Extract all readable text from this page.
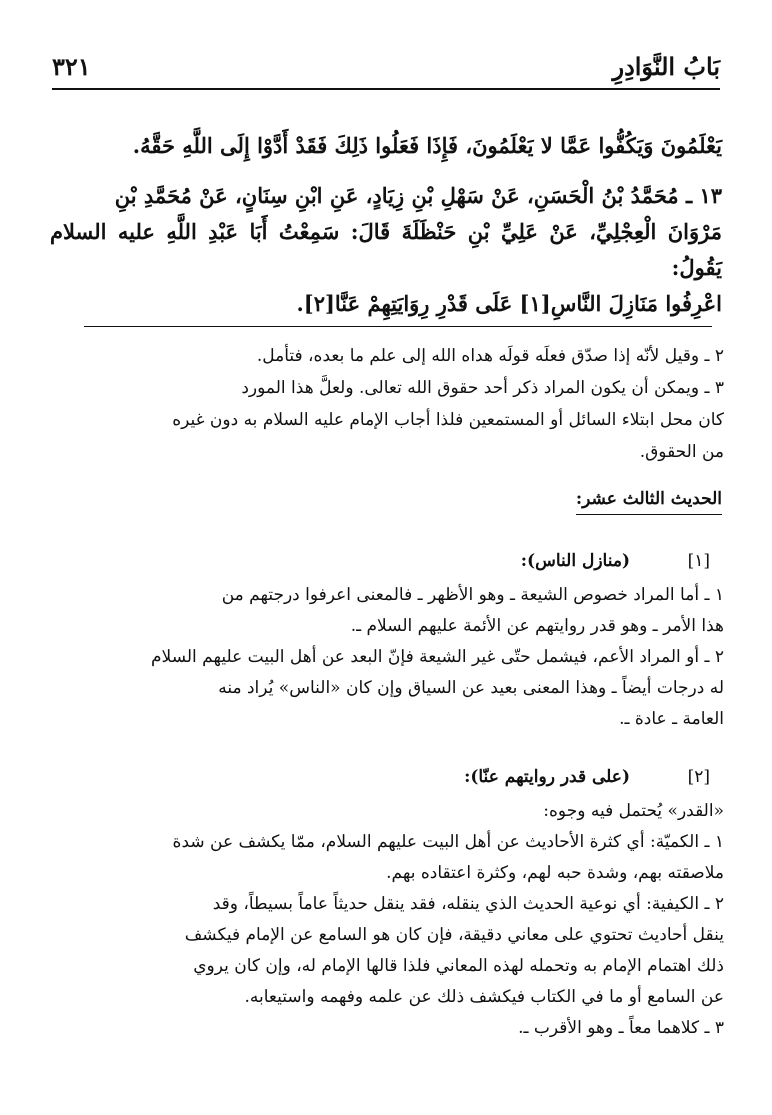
بَابُ النَّوَادِرِ
٣٢١

يَعْلَمُونَ وَيَكُفُّوا عَمَّا لا يَعْلَمُونَ، فَإِذَا فَعَلُوا ذَلِكَ فَقَدْ أَدَّوْا إِلَى اللَّهِ حَقَّهُ.

١٣ ـ مُحَمَّدُ بْنُ الْحَسَنِ، عَنْ سَهْلِ بْنِ زِيَادٍ، عَنِ ابْنِ سِنَانٍ، عَنْ مُحَمَّدِ بْنِ

مَرْوَانَ الْعِجْلِيِّ، عَنْ عَلِيِّ بْنِ حَنْظَلَةَ قَالَ: سَمِعْتُ أَبَا عَبْدِ اللَّهِ عليه السلام يَقُولُ:

اعْرِفُوا مَنَازِلَ النَّاسِ[١] عَلَى قَدْرِ رِوَايَتِهِمْ عَنَّا[٢].

٢ ـ وقيل لأنّه إذا صدّق فعلَه قولَه هداه الله إلى علم ما بعده، فتأمل.

٣ ـ ويمكن أن يكون المراد ذكر أحد حقوق الله تعالى. ولعلَّ هذا المورد

كان محل ابتلاء السائل أو المستمعين فلذا أجاب الإمام عليه السلام به دون غيره

من الحقوق.

الحديث الثالث عشر:
[١]
(منازل الناس):

١ ـ أما المراد خصوص الشيعة ـ وهو الأظهر ـ فالمعنى اعرفوا درجتهم من

هذا الأمر ـ وهو قدر روايتهم عن الأئمة عليهم السلام ـ.

٢ ـ أو المراد الأعم، فيشمل حتّى غير الشيعة فإنّ البعد عن أهل البيت عليهم السلام

له درجات أيضاً ـ وهذا المعنى بعيد عن السياق وإن كان «الناس» يُراد منه

العامة ـ عادة ـ.

[٢]
(على قدر روايتهم عنّا):

«القدر» يُحتمل فيه وجوه:

١ ـ الكميّة: أي كثرة الأحاديث عن أهل البيت عليهم السلام، ممّا يكشف عن شدة

ملاصقته بهم، وشدة حبه لهم، وكثرة اعتقاده بهم.

٢ ـ الكيفية: أي نوعية الحديث الذي ينقله، فقد ينقل حديثاً عاماً بسيطاً، وقد

ينقل أحاديث تحتوي على معاني دقيقة، فإن كان هو السامع عن الإمام فيكشف

ذلك اهتمام الإمام به وتحمله لهذه المعاني فلذا قالها الإمام له، وإن كان يروي

عن السامع أو ما في الكتاب فيكشف ذلك عن علمه وفهمه واستيعابه.

٣ ـ كلاهما معاً ـ وهو الأقرب ـ.
